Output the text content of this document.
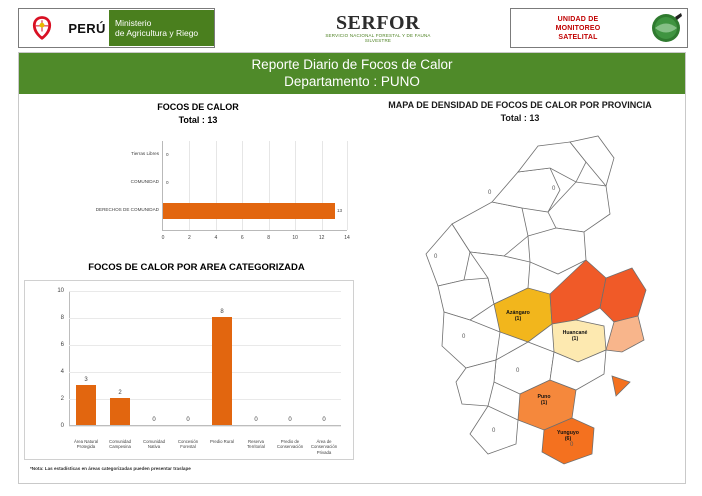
PERÚ	Ministerio
de Agricultura y Riego	SERFOR
SERVICIO NACIONAL FORESTAL Y DE FAUNA SILVESTRE
UNIDAD DE
MONITOREO
SATELITAL
Reporte Diario de Focos de Calor
Departamento : PUNO
FOCOS DE CALOR
Total : 13
Tierras Libres 0
COMUNIDAD 0
DERECHOS DE COMUNIDAD	13
0	2	4	6	8	10	12	14
FOCOS DE CALOR POR AREA CATEGORIZADA
0
2
4
6
8
10
3
2
0	0
8
0	0	0
Área Natural Protegida
Comunidad Campesina
Comunidad Nativa
Concesión Forestal
Predio Rural	Reserva Territorial
Predio de Conservación
Área de Conservación Privada
*Nota: Las estadísticas en áreas categorizadas pueden presentar traslape
MAPA DE DENSIDAD DE FOCOS DE CALOR POR PROVINCIA
Total : 13
0
0
0
0
0
0
0
Azángaro
(1)
Huancané
(1)
Puno
(1)
Yunguyo
(6)
